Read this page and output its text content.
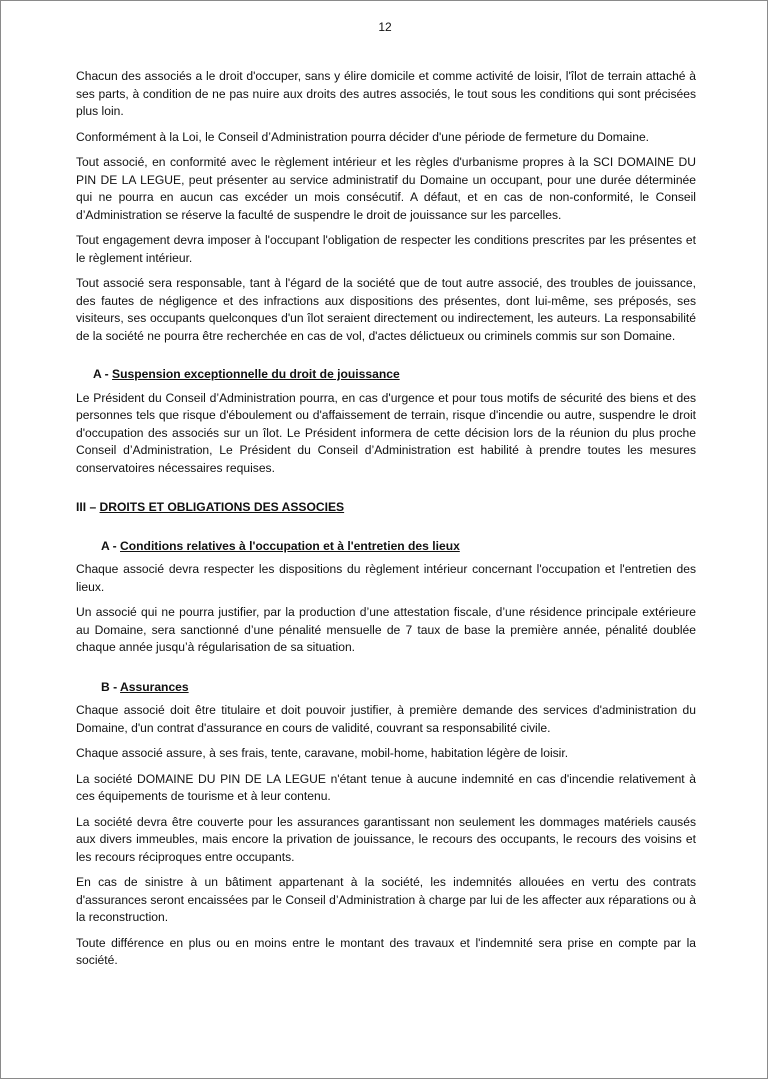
12

Chacun des associés a le droit d'occuper, sans y élire domicile et comme activité de loisir, l'îlot de terrain attaché à ses parts, à condition de ne pas nuire aux droits des autres associés, le tout sous les conditions qui sont précisées plus loin.

Conformément à la Loi, le Conseil d’Administration pourra décider d'une période de fermeture du Domaine.

Tout associé, en conformité avec le règlement intérieur et les règles d'urbanisme propres à la SCI DOMAINE DU PIN DE LA LEGUE, peut présenter au service administratif du Domaine un occupant, pour une durée déterminée qui ne pourra en aucun cas excéder un mois consécutif. A défaut, et en cas de non-conformité, le Conseil d’Administration se réserve la faculté de suspendre le droit de jouissance sur les parcelles.

Tout engagement devra imposer à l'occupant l'obligation de respecter les conditions prescrites par les présentes et le règlement intérieur.

Tout associé sera responsable, tant à l'égard de la société que de tout autre associé, des troubles de jouissance, des fautes de négligence et des infractions aux dispositions des présentes, dont lui-même, ses préposés, ses visiteurs, ses occupants quelconques d'un îlot seraient directement ou indirectement, les auteurs. La responsabilité de la société ne pourra être recherchée en cas de vol, d'actes délictueux ou criminels commis sur son Domaine.

A - Suspension exceptionnelle du droit de jouissance

Le Président du Conseil d’Administration pourra, en cas d'urgence et pour tous motifs de sécurité des biens et des personnes tels que risque d'éboulement ou d'affaissement de terrain, risque d'incendie ou autre, suspendre le droit d'occupation des associés sur un îlot. Le Président informera de cette décision lors de la réunion du plus proche Conseil d’Administration, Le Président du Conseil d’Administration est habilité à prendre toutes les mesures conservatoires nécessaires requises.

III – DROITS ET OBLIGATIONS DES ASSOCIES
A - Conditions relatives à l'occupation et à l'entretien des lieux

Chaque associé devra respecter les dispositions du règlement intérieur concernant l'occupation et l'entretien des lieux.

Un associé qui ne pourra justifier, par la production d’une attestation fiscale, d’une résidence principale extérieure au Domaine, sera sanctionné d’une pénalité mensuelle de 7 taux de base la première année, pénalité doublée chaque année jusqu’à régularisation de sa situation.

B - Assurances

Chaque associé doit être titulaire et doit pouvoir justifier, à première demande des services d'administration du Domaine, d'un contrat d'assurance en cours de validité, couvrant sa responsabilité civile.

Chaque associé assure, à ses frais, tente, caravane, mobil-home, habitation légère de loisir.

La société DOMAINE DU PIN DE LA LEGUE n'étant tenue à aucune indemnité en cas d'incendie relativement à ces équipements de tourisme et à leur contenu.

La société devra être couverte pour les assurances garantissant non seulement les dommages matériels causés aux divers immeubles, mais encore la privation de jouissance, le recours des occupants, le recours des voisins et les recours réciproques entre occupants.

En cas de sinistre à un bâtiment appartenant à la société, les indemnités allouées en vertu des contrats d'assurances seront encaissées par le Conseil d’Administration à charge par lui de les affecter aux réparations ou à la reconstruction.

Toute différence en plus ou en moins entre le montant des travaux et l'indemnité sera prise en compte par la société.
